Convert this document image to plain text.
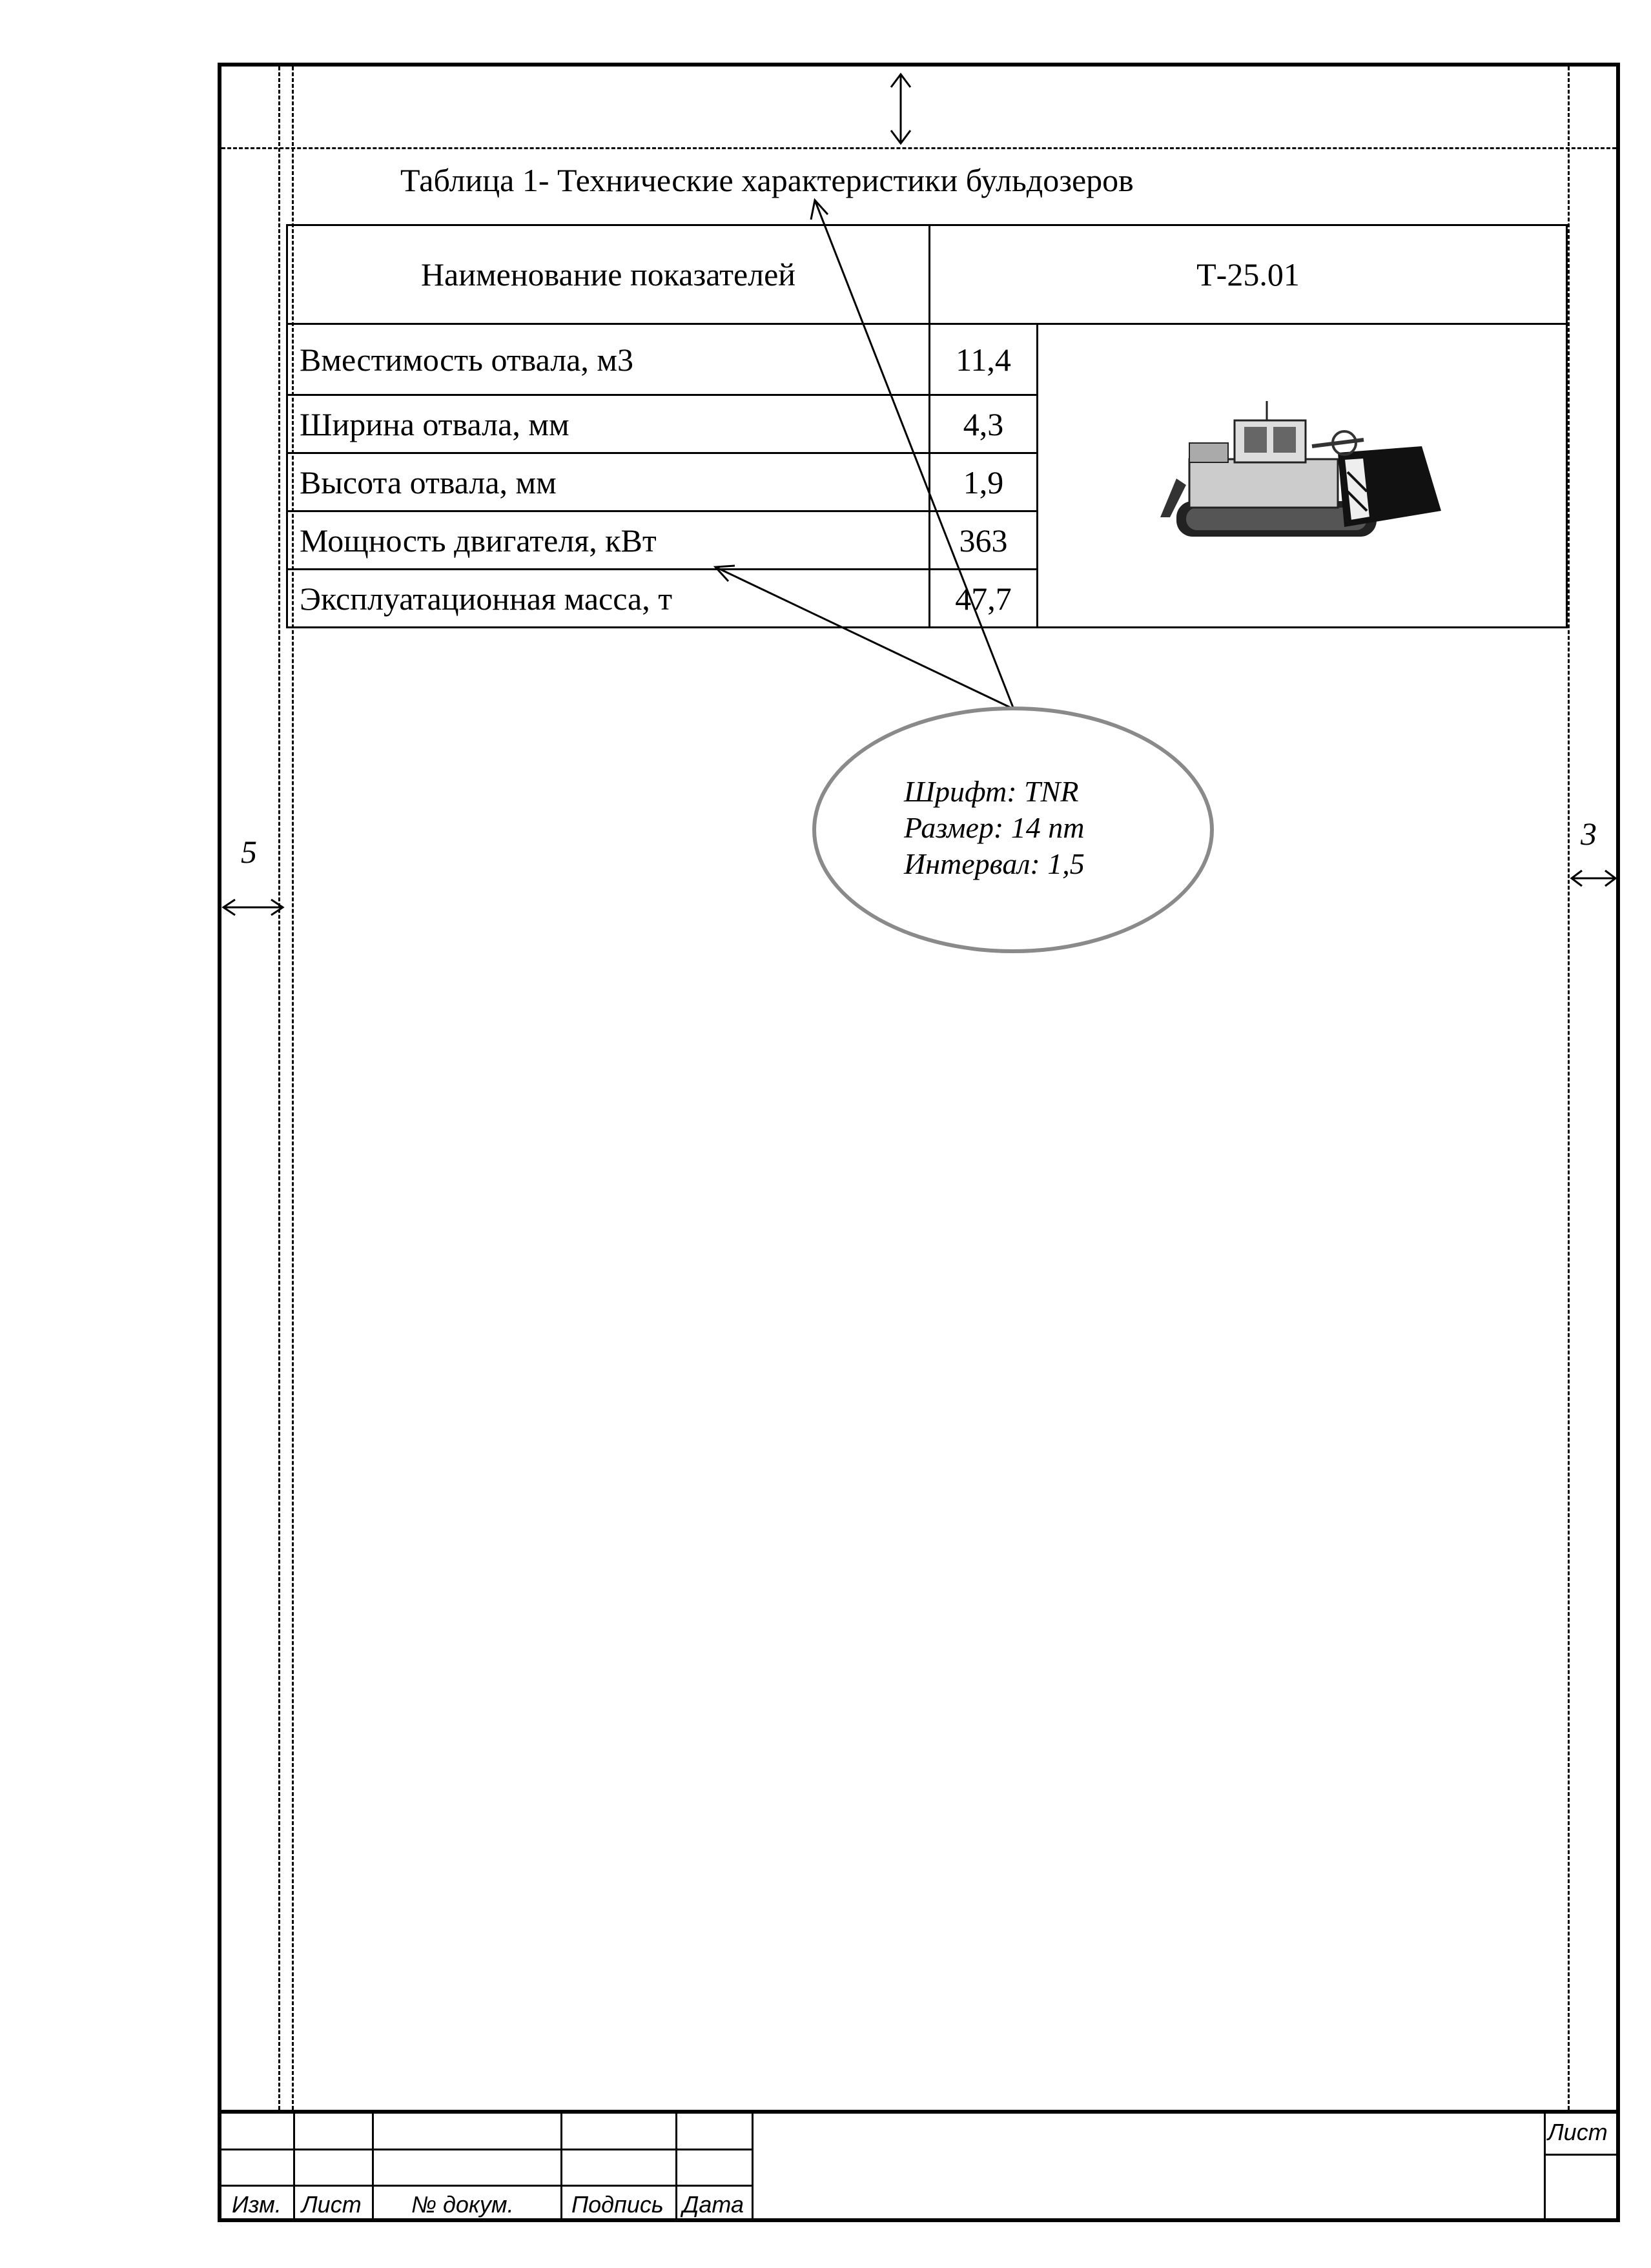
Таблица 1- Технические характеристики бульдозеров
Наименование показателей	Т-25.01	
Вместимость отвала, м3	11,4	
Ширина отвала, мм	4,3	
Высота отвала, мм	1,9	
Мощность двигателя, кВт	363	
Эксплуатационная масса, т	47,7	
Шрифт: TNR
Размер: 14 пт
Интервал: 1,5
5	3
Изм. Лист № докум. Подпись Дата
Лист
